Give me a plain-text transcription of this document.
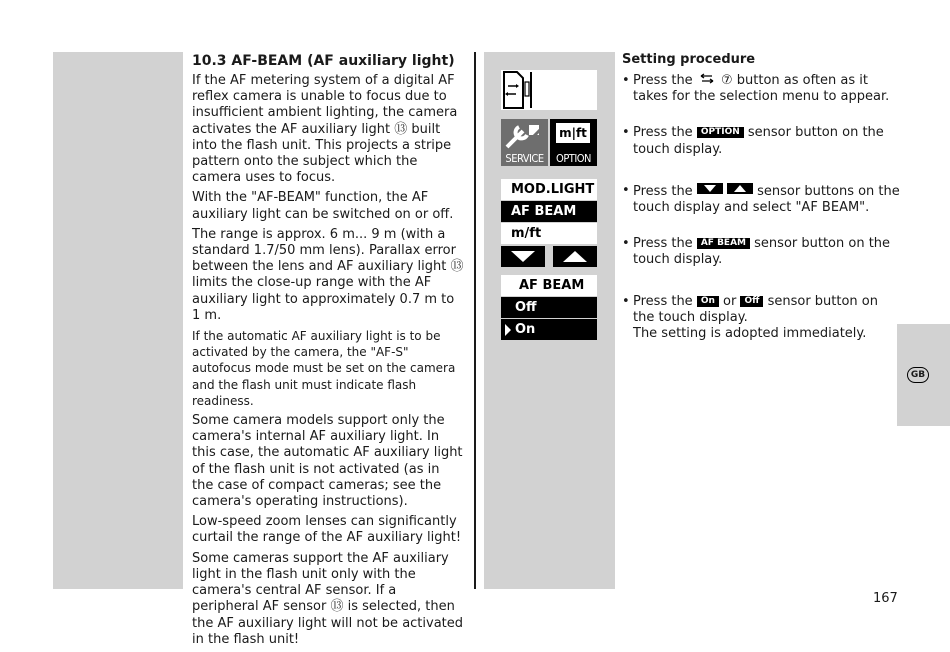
10.3 AF-BEAM (AF auxiliary light)

If the AF metering system of a digital AF reflex camera is unable to focus due to insufficient ambient lighting, the camera activates the AF auxiliary light ⑬ built into the flash unit. This projects a stripe pattern onto the subject which the camera uses to focus.

With the "AF-BEAM" function, the AF auxiliary light can be switched on or off.

The range is approx. 6 m... 9 m (with a standard 1.7/50 mm lens). Parallax error between the lens and AF auxiliary light ⑬ limits the close-up range with the AF auxiliary light to approximately 0.7 m to 1 m.

If the automatic AF auxiliary light is to be activated by the camera, the "AF-S" autofocus mode must be set on the camera and the flash unit must indicate flash readiness.

Some camera models support only the camera's internal AF auxiliary light. In this case, the automatic AF auxiliary light of the flash unit is not activated (as in the case of compact cameras; see the camera's operating instructions).

Low-speed zoom lenses can significantly curtail the range of the AF auxiliary light!

Some cameras support the AF auxiliary light in the flash unit only with the camera's central AF sensor. If a peripheral AF sensor ⑬ is selected, then the AF auxiliary light will not be activated in the flash unit!

SERVICE
m|ft
OPTION
MOD.LIGHT
AF BEAM
m/ft
AF BEAM
Off
On
Setting procedure
• Press the ⑦ button as often as it takes for the selection menu to appear.
• Press the OPTION sensor button on the touch display.
• Press the
	sensor buttons on the touch display and select "AF BEAM".
• Press the AF BEAM sensor button on the touch display.
• Press the On or Off sensor button on the touch display.
The setting is adopted immediately.
GB
167
